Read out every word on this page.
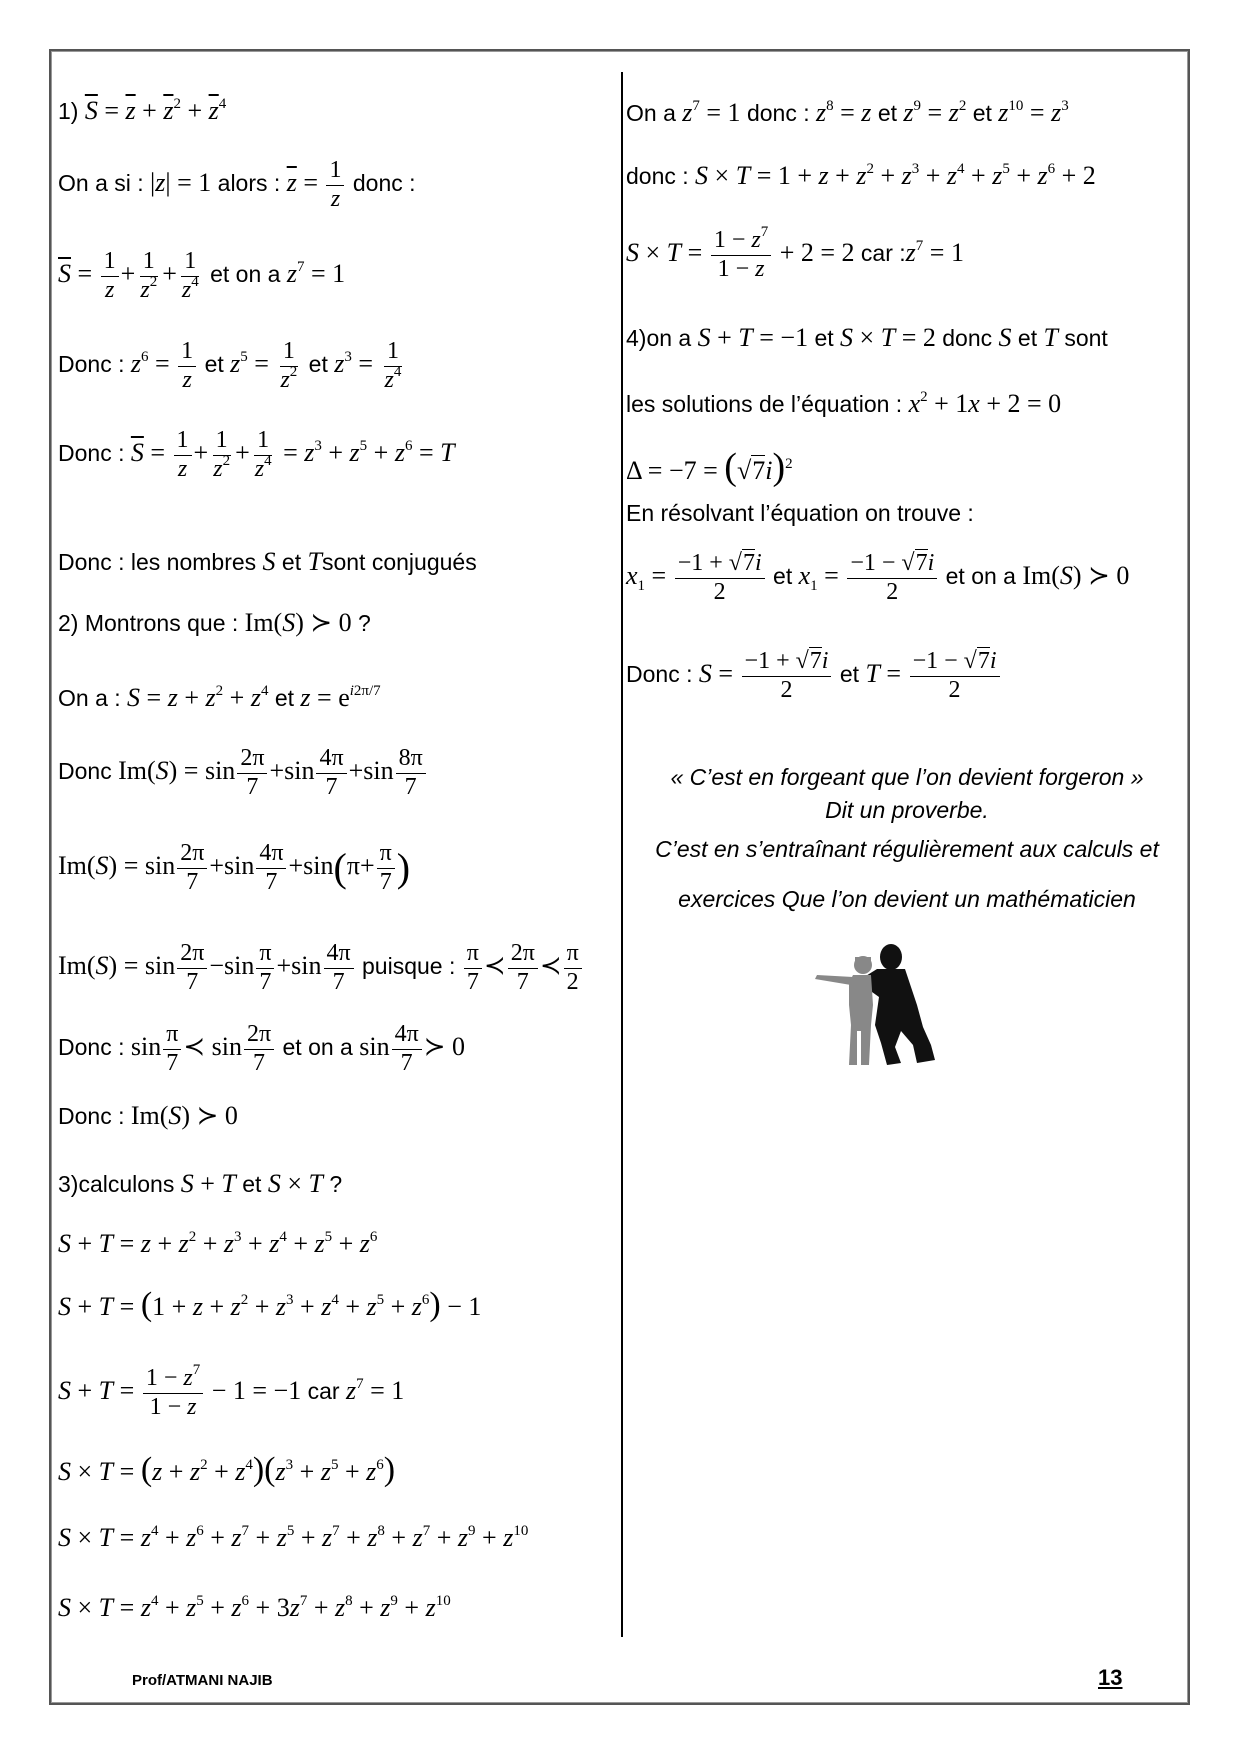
1) $\overline{S} = \overline{z} + \overline{z}^2 + \overline{z}^4$
On a si : |z| = 1 alors : $\overline{z} = \frac{1}{z}$ donc :
$\overline{S} = \frac{1}{z} + \frac{1}{z^2} + \frac{1}{z^4}$ et on a $z^7 = 1$
Donc : $z^6 = \frac{1}{z}$ et $z^5 = \frac{1}{z^2}$ et $z^3 = \frac{1}{z^4}$
Donc : $\overline{S} = \frac{1}{z} + \frac{1}{z^2} + \frac{1}{z^4} = z^3 + z^5 + z^6 = T$
Donc : les nombres S et Tsont conjugués
2) Montrons que : Im(S) ≻ 0 ?
On a : $S = z + z^2 + z^4$ et $z = e^{i2\pi/7}$
Donc $Im(S) = \sin \frac{2\pi}{7} +\sin \frac{4\pi}{7} +\sin \frac{8\pi}{7}$
$Im(S) = \sin \frac{2\pi}{7} +\sin \frac{4\pi}{7} +\sin(\pi+ \frac{\pi}{7}$ )
$Im(S) = \sin \frac{2\pi}{7} -\sin \frac{\pi}{7} +\sin \frac{4\pi}{7}$ puisque : $\frac{\pi}{7}$ ≺ $\frac{2\pi}{7}$ ≺ $\frac{\pi}{2}$
Donc : $\sin \frac{\pi}{7}$ ≺ $\sin \frac{2\pi}{7}$ et on a $\sin \frac{4\pi}{7}$ ≻ 0
Donc : Im(S) ≻ 0
3)calculons S + T et S × T ?
$S + T = z + z^2 + z^3 + z^4 + z^5 + z^6$
$S + T = (1 + z + z^2 + z^3 + z^4 + z^5 + z^6) - 1$
$S + T = \frac{1 - z^7}{1 - z} - 1 = -1$ car $z^7 = 1$
$S \times T = (z + z^2 + z^4)(z^3 + z^5 + z^6)$
$S \times T = z^4 + z^6 + z^7 + z^5 + z^7 + z^8 + z^7 + z^9 + z^{10}$
$S \times T = z^4 + z^5 + z^6 + 3z^7 + z^8 + z^9 + z^{10}$
On a $z^7 = 1$ donc : $z^8 = z$ et $z^9 = z^2$ et $z^{10} = z^3$
donc : $S \times T = 1 + z + z^2 + z^3 + z^4 + z^5 + z^6 + 2$
$S \times T = \frac{1 - z^7}{1 - z} + 2 = 2$ car $:z^7 = 1$
4)on a S + T = −1 et S × T = 2 donc S et T sont
les solutions de l’équation : $x^2 + 1x + 2 = 0$
$\Delta = -7 = (√7i)^2$
En résolvant l’équation on trouve :
$x_1 = \frac{-1 + √7i}{2}$ et $x_1 = \frac{-1 - √7i}{2}$ et on a Im(S) ≻ 0
Donc : $S = \frac{-1 + √7i}{2}$ et $T = \frac{-1 - √7i}{2}$
« C’est en forgeant que l’on devient forgeron »
Dit un proverbe.
C’est en s’entraînant régulièrement aux calculs et
exercices Que l’on devient un mathématicien
Prof/ATMANI NAJIB	13
